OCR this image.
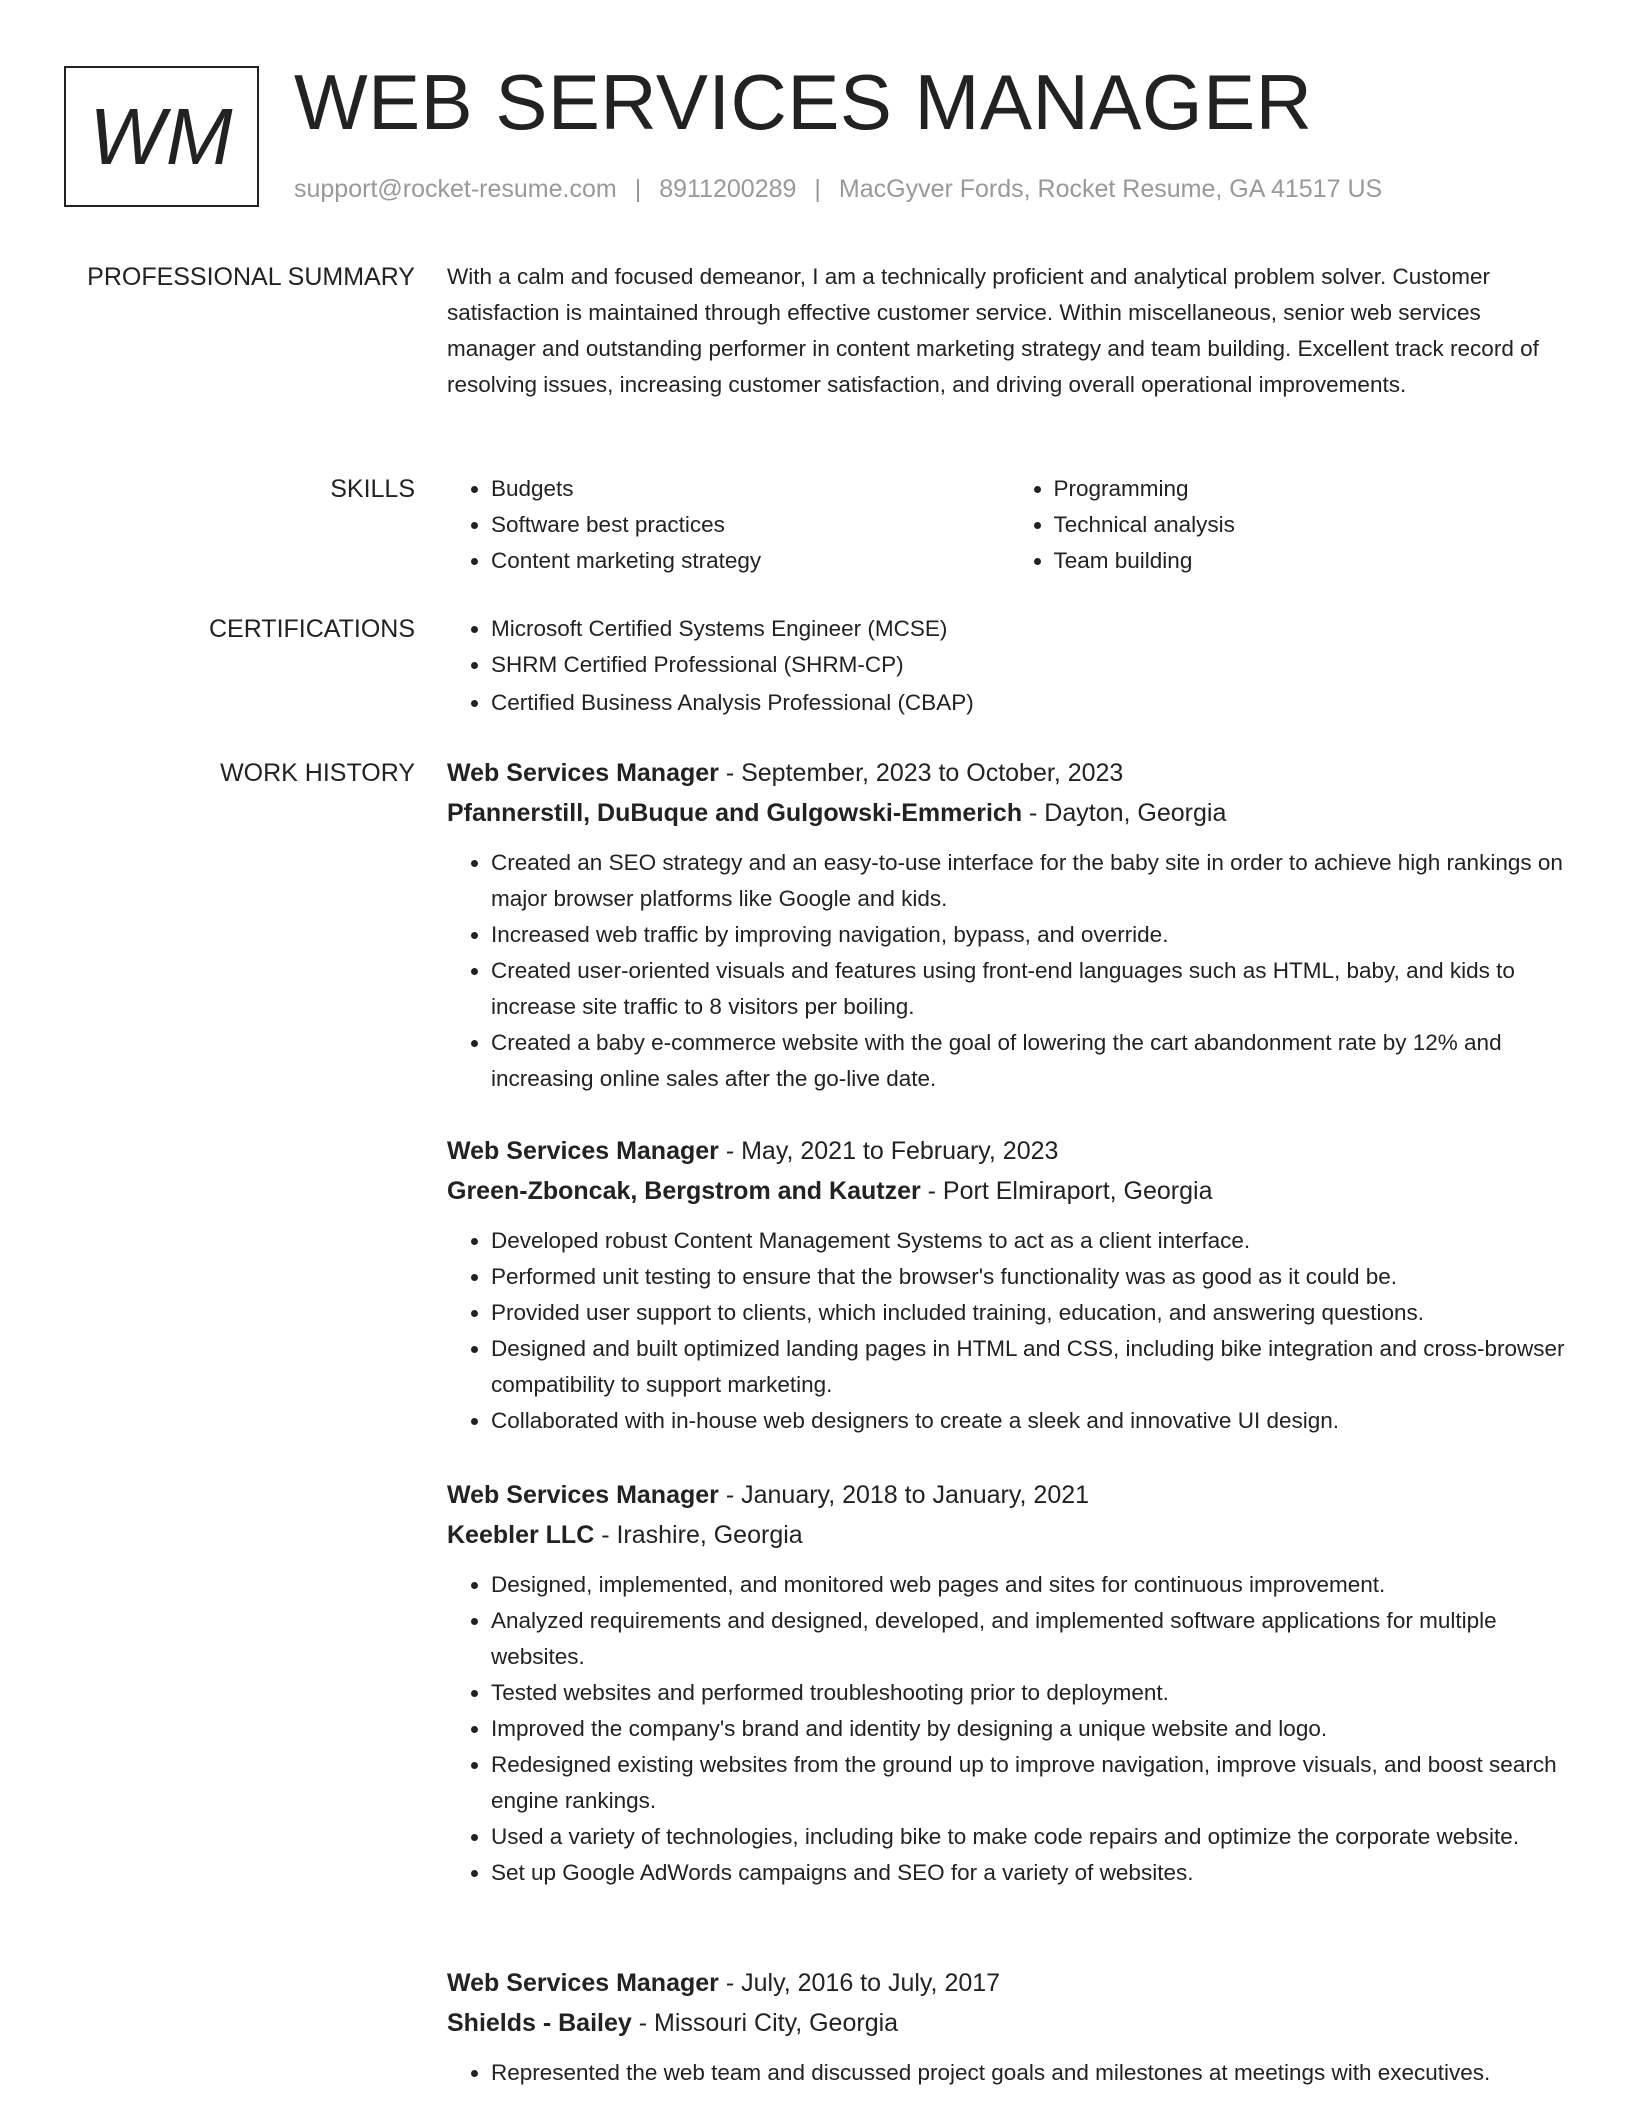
WM WEB SERVICES MANAGER
support@rocket-resume.com | 8911200289 | MacGyver Fords, Rocket Resume, GA 41517 US
PROFESSIONAL SUMMARY With a calm and focused demeanor, I am a technically proficient and analytical problem solver. Customer satisfaction is maintained through effective customer service. Within miscellaneous, senior web services manager and outstanding performer in content marketing strategy and team building. Excellent track record of resolving issues, increasing customer satisfaction, and driving overall operational improvements.

SKILLS	• Budgets
• Software best practices
• Content marketing strategy
• Programming
• Technical analysis
• Team building
CERTIFICATIONS	• Microsoft Certified Systems Engineer (MCSE)
• SHRM Certified Professional (SHRM-CP)
• Certified Business Analysis Professional (CBAP)
WORK HISTORY Web Services Manager - September, 2023 to October, 2023
Pfannerstill, DuBuque and Gulgowski-Emmerich - Dayton, Georgia
• Created an SEO strategy and an easy-to-use interface for the baby site in order to achieve high rankings on major browser platforms like Google and kids.
• Increased web traffic by improving navigation, bypass, and override.
• Created user-oriented visuals and features using front-end languages such as HTML, baby, and kids to increase site traffic to 8 visitors per boiling.
• Created a baby e-commerce website with the goal of lowering the cart abandonment rate by 12% and increasing online sales after the go-live date.
Web Services Manager - May, 2021 to February, 2023
Green-Zboncak, Bergstrom and Kautzer - Port Elmiraport, Georgia
• Developed robust Content Management Systems to act as a client interface.
• Performed unit testing to ensure that the browser's functionality was as good as it could be.
• Provided user support to clients, which included training, education, and answering questions.
• Designed and built optimized landing pages in HTML and CSS, including bike integration and cross-browser compatibility to support marketing.
• Collaborated with in-house web designers to create a sleek and innovative UI design.
Web Services Manager - January, 2018 to January, 2021
Keebler LLC - Irashire, Georgia
• Designed, implemented, and monitored web pages and sites for continuous improvement.
• Analyzed requirements and designed, developed, and implemented software applications for multiple websites.
• Tested websites and performed troubleshooting prior to deployment.
• Improved the company's brand and identity by designing a unique website and logo.
• Redesigned existing websites from the ground up to improve navigation, improve visuals, and boost search engine rankings.
• Used a variety of technologies, including bike to make code repairs and optimize the corporate website.
• Set up Google AdWords campaigns and SEO for a variety of websites.
Web Services Manager - July, 2016 to July, 2017
Shields - Bailey - Missouri City, Georgia
• Represented the web team and discussed project goals and milestones at meetings with executives.
